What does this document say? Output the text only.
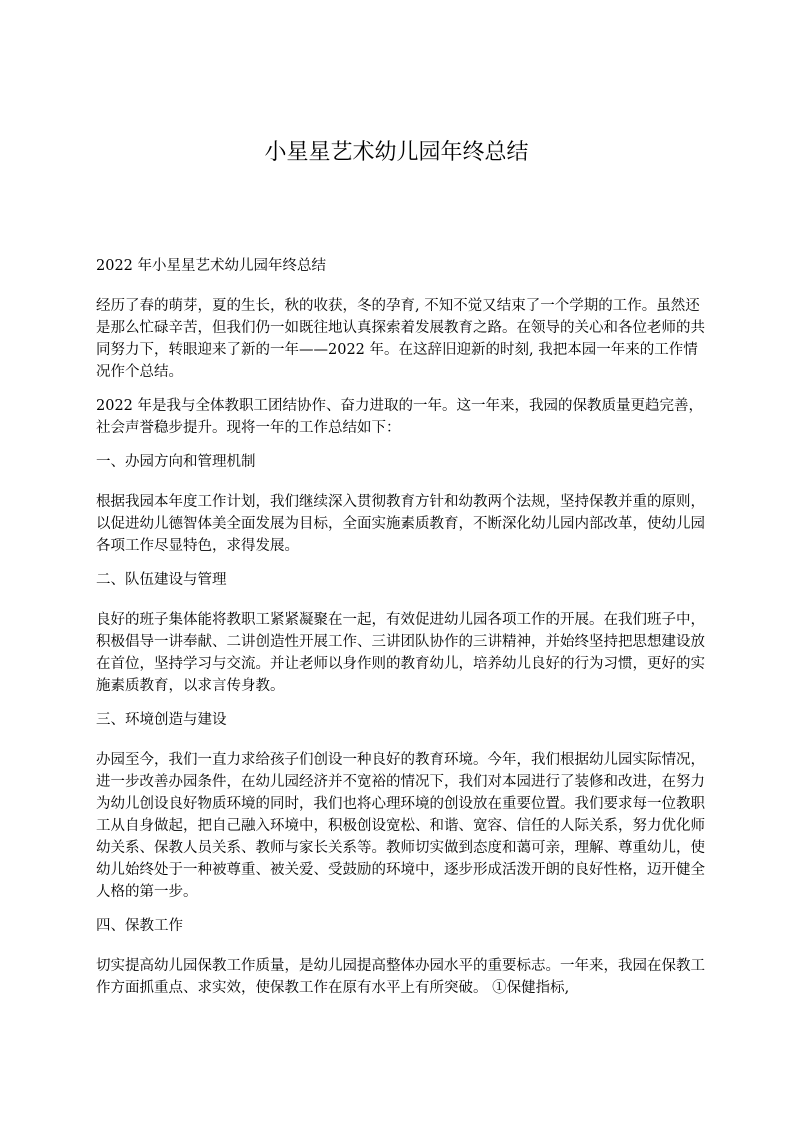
小星星艺术幼儿园年终总结

2022 年小星星艺术幼儿园年终总结

经历了春的萌芽，夏的生长，秋的收获，冬的孕育, 不知不觉又结束了一个学期的工作。虽然还是那么忙碌辛苦，但我们仍一如既往地认真探索着发展教育之路。在领导的关心和各位老师的共同努力下，转眼迎来了新的一年——2022 年。在这辞旧迎新的时刻, 我把本园一年来的工作情况作个总结。

2022 年是我与全体教职工团结协作、奋力进取的一年。这一年来，我园的保教质量更趋完善，社会声誉稳步提升。现将一年的工作总结如下：

一、办园方向和管理机制

根据我园本年度工作计划，我们继续深入贯彻教育方针和幼教两个法规，坚持保教并重的原则，以促进幼儿德智体美全面发展为目标，全面实施素质教育，不断深化幼儿园内部改革，使幼儿园各项工作尽显特色，求得发展。

二、队伍建设与管理

良好的班子集体能将教职工紧紧凝聚在一起，有效促进幼儿园各项工作的开展。在我们班子中，积极倡导一讲奉献、二讲创造性开展工作、三讲团队协作的三讲精神，并始终坚持把思想建设放在首位，坚持学习与交流。并让老师以身作则的教育幼儿，培养幼儿良好的行为习惯，更好的实施素质教育，以求言传身教。

三、环境创造与建设

办园至今，我们一直力求给孩子们创设一种良好的教育环境。今年，我们根据幼儿园实际情况，进一步改善办园条件，在幼儿园经济并不宽裕的情况下，我们对本园进行了装修和改进，在努力为幼儿创设良好物质环境的同时，我们也将心理环境的创设放在重要位置。我们要求每一位教职工从自身做起，把自己融入环境中，积极创设宽松、和谐、宽容、信任的人际关系，努力优化师幼关系、保教人员关系、教师与家长关系等。教师切实做到态度和蔼可亲，理解、尊重幼儿，使幼儿始终处于一种被尊重、被关爱、受鼓励的环境中，逐步形成活泼开朗的良好性格，迈开健全人格的第一步。

四、保教工作

切实提高幼儿园保教工作质量，是幼儿园提高整体办园水平的重要标志。一年来，我园在保教工作方面抓重点、求实效，使保教工作在原有水平上有所突破。 ①保健指标,
